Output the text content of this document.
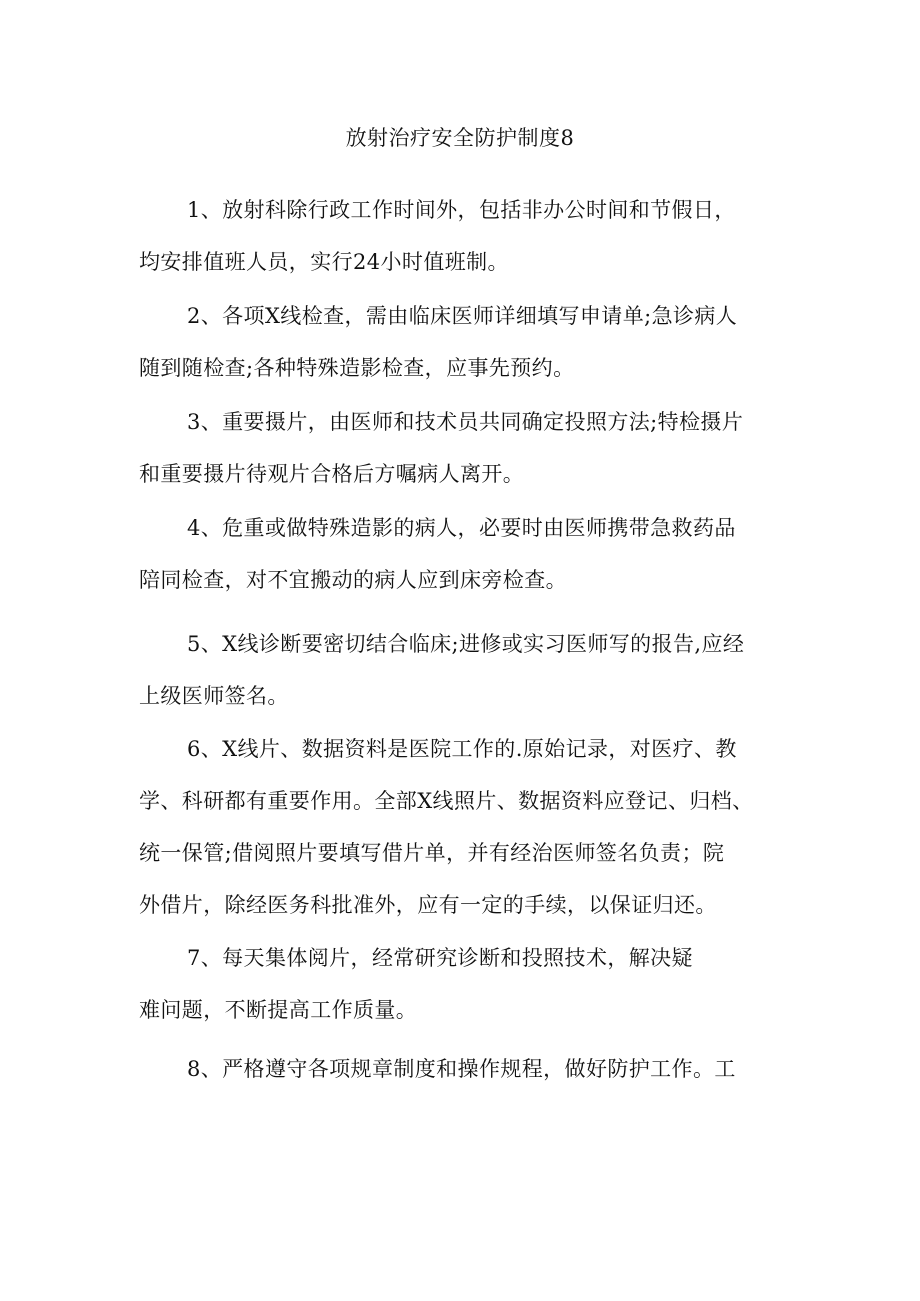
放射治疗安全防护制度8
1、放射科除行政工作时间外，包括非办公时间和节假日，
均安排值班人员，实行24小时值班制。
2、各项X线检查，需由临床医师详细填写申请单;急诊病人
随到随检查;各种特殊造影检查，应事先预约。
3、重要摄片，由医师和技术员共同确定投照方法;特检摄片
和重要摄片待观片合格后方嘱病人离开。
4、危重或做特殊造影的病人，必要时由医师携带急救药品
陪同检查，对不宜搬动的病人应到床旁检查。
5、X线诊断要密切结合临床;进修或实习医师写的报告,应经
上级医师签名。
6、X线片、数据资料是医院工作的.原始记录，对医疗、教
学、科研都有重要作用。全部X线照片、数据资料应登记、归档、
统一保管;借阅照片要填写借片单，并有经治医师签名负责；院
外借片，除经医务科批准外，应有一定的手续，以保证归还。
7、每天集体阅片，经常研究诊断和投照技术，解决疑
难问题，不断提高工作质量。
8、严格遵守各项规章制度和操作规程，做好防护工作。工
